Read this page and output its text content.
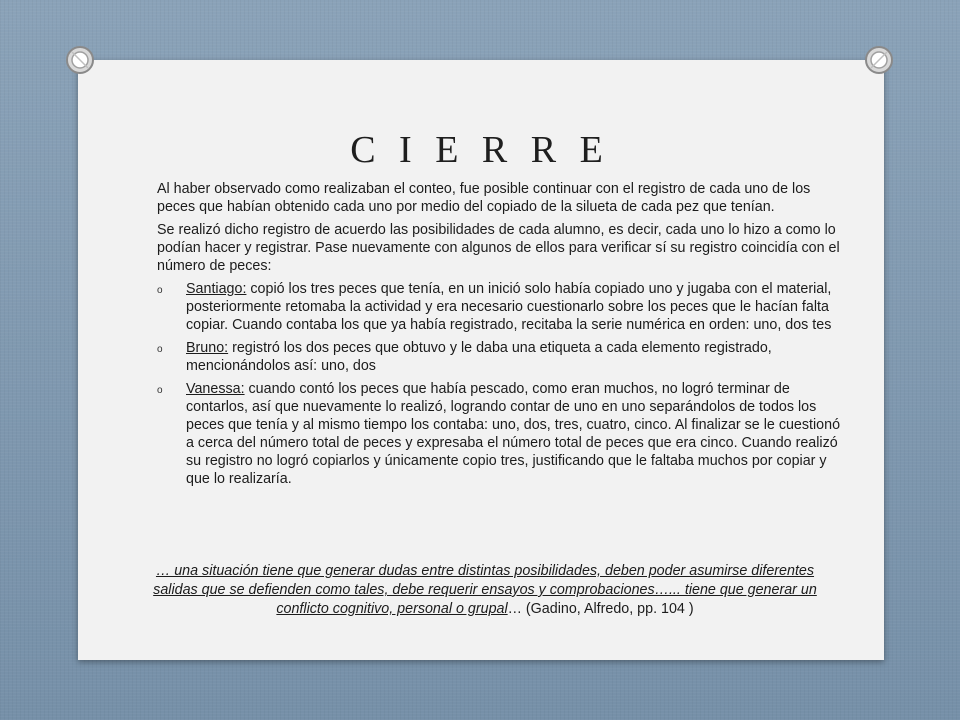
C I E R R E

Al haber observado como realizaban el conteo, fue posible continuar con el registro de cada uno de los peces que habían obtenido cada uno por medio del copiado de la silueta de cada pez que tenían.

Se realizó dicho registro de acuerdo las posibilidades de cada alumno, es decir, cada uno lo hizo a como lo podían hacer y registrar. Pase nuevamente con algunos de ellos para verificar sí su registro coincidía con el número de peces:

o Santiago: copió los tres peces que tenía, en un inició solo había copiado uno y jugaba con el material, posteriormente retomaba la actividad y era necesario cuestionarlo sobre los peces que le hacían falta copiar. Cuando contaba los que ya había registrado, recitaba la serie numérica en orden: uno, dos tes
o Bruno: registró los dos peces que obtuvo y le daba una etiqueta a cada elemento registrado, mencionándolos así: uno, dos
o Vanessa: cuando contó los peces que había pescado, como eran muchos, no logró terminar de contarlos, así que nuevamente lo realizó, logrando contar de uno en uno separándolos de todos los peces que tenía y al mismo tiempo los contaba: uno, dos, tres, cuatro, cinco. Al finalizar se le cuestionó a cerca del número total de peces y expresaba el número total de peces que era cinco. Cuando realizó su registro no logró copiarlos y únicamente copio tres, justificando que le faltaba muchos por copiar y que lo realizaría.
… una situación tiene que generar dudas entre distintas posibilidades, deben poder asumirse diferentes salidas que se defienden como tales, debe requerir ensayos y comprobaciones…... tiene que generar un conflicto cognitivo, personal o grupal… (Gadino, Alfredo, pp. 104 )
